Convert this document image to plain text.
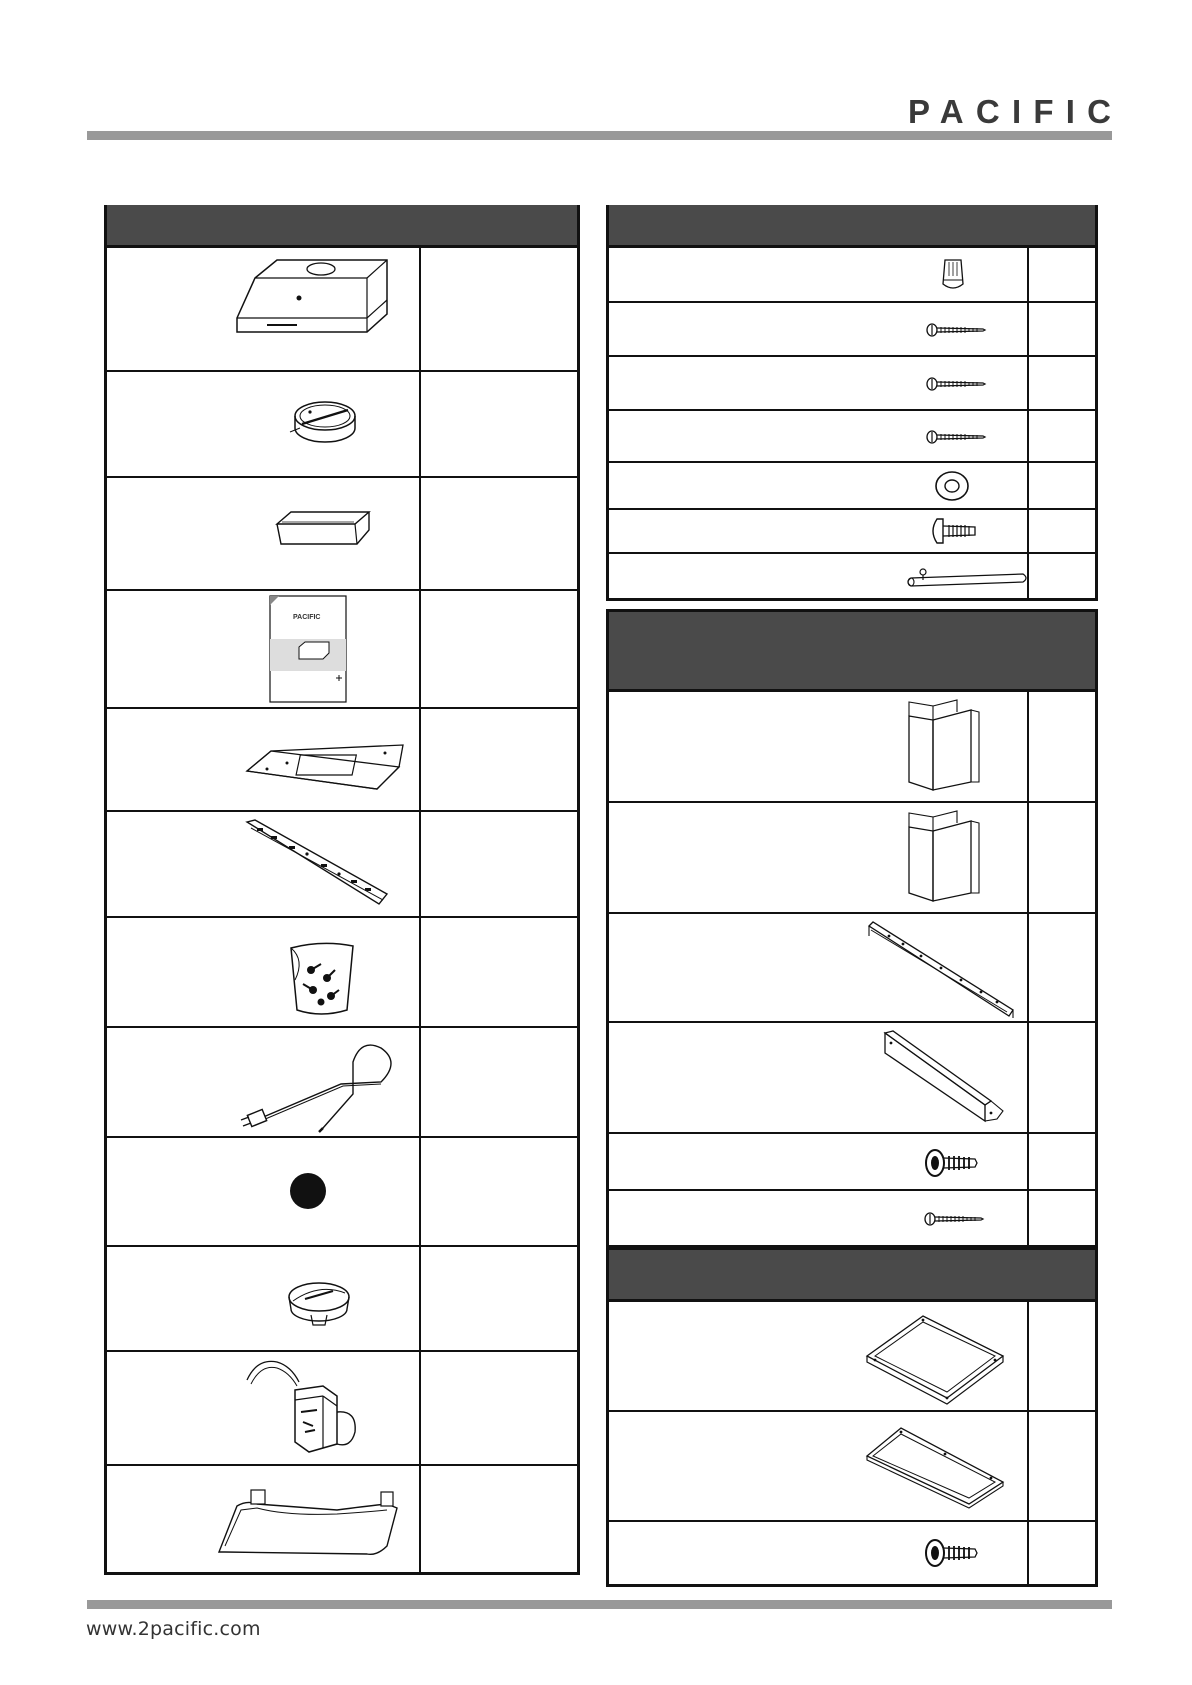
PACIFIC
PACIFIC
www.2pacific.com
